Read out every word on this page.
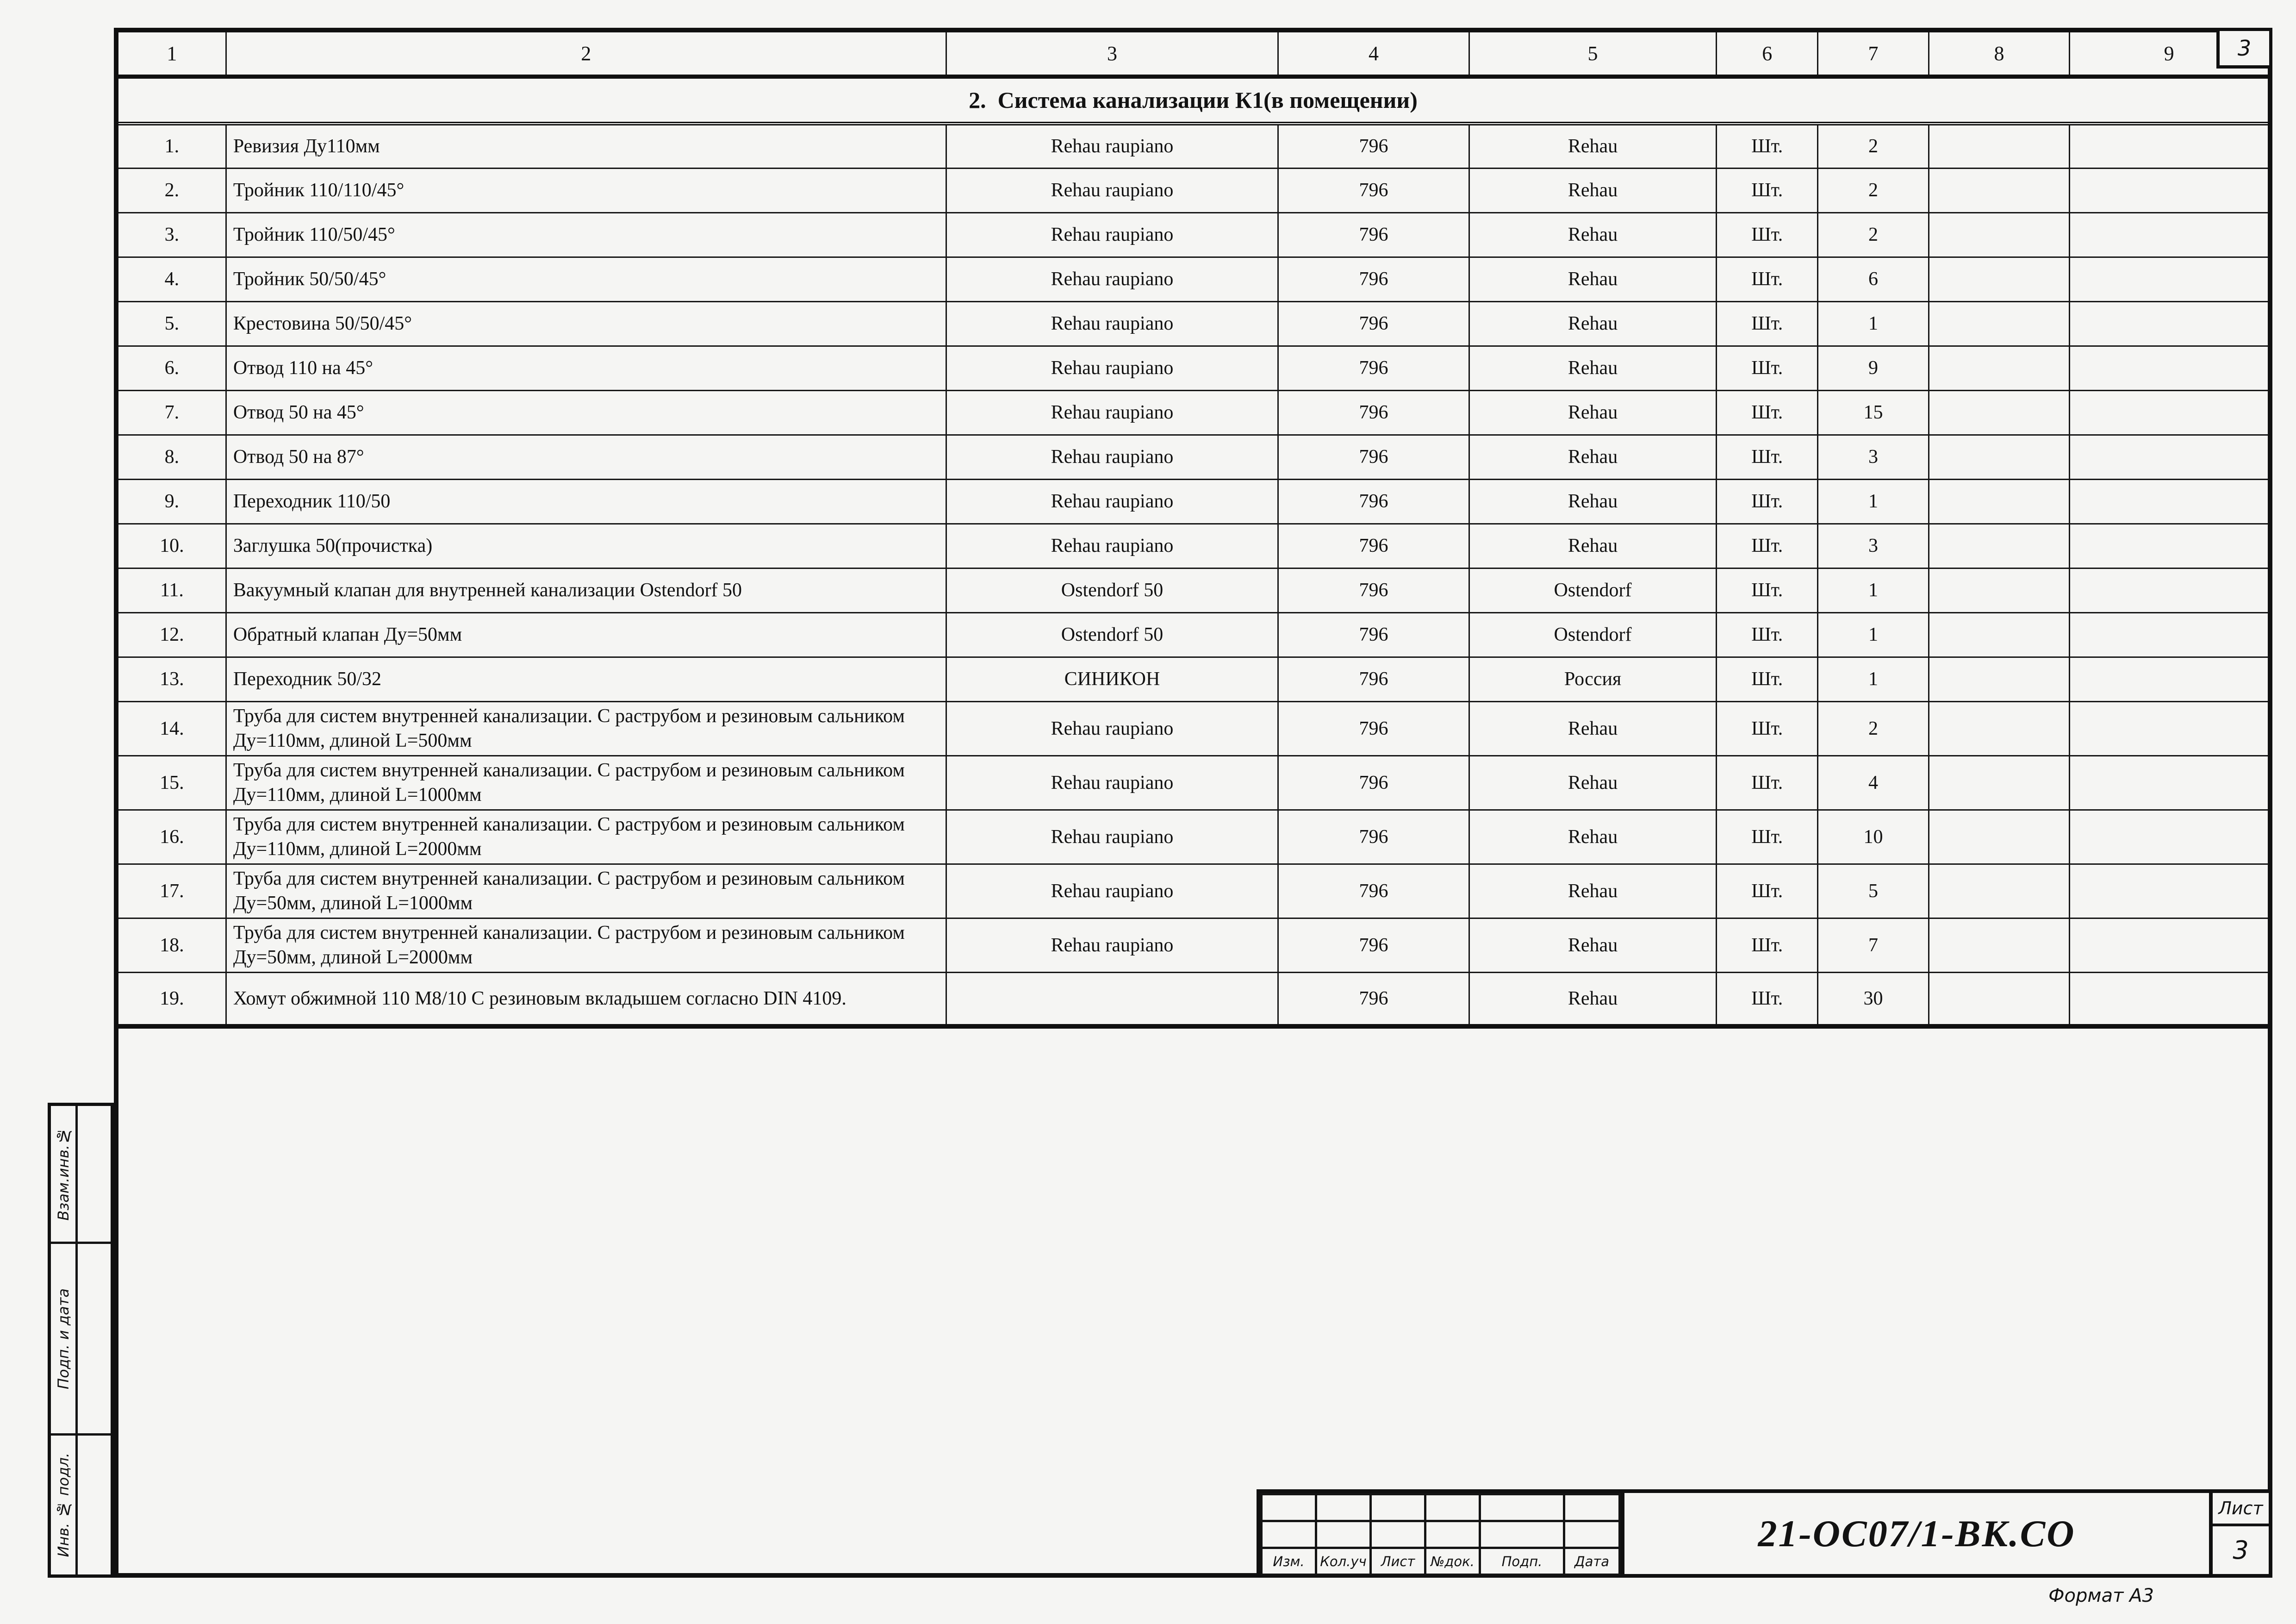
1	2	3	4	5	6	7	8	9
2.  Система канализации К1(в помещении)								
1.	Ревизия Ду110мм	Rehau raupiano	796	Rehau	Шт.	2		
2.	Тройник 110/110/45°	Rehau raupiano	796	Rehau	Шт.	2		
3.	Тройник 110/50/45°	Rehau raupiano	796	Rehau	Шт.	2		
4.	Тройник 50/50/45°	Rehau raupiano	796	Rehau	Шт.	6		
5.	Крестовина 50/50/45°	Rehau raupiano	796	Rehau	Шт.	1		
6.	Отвод 110 на 45°	Rehau raupiano	796	Rehau	Шт.	9		
7.	Отвод 50 на 45°	Rehau raupiano	796	Rehau	Шт.	15		
8.	Отвод 50 на 87°	Rehau raupiano	796	Rehau	Шт.	3		
9.	Переходник 110/50	Rehau raupiano	796	Rehau	Шт.	1		
10.	Заглушка 50(прочистка)	Rehau raupiano	796	Rehau	Шт.	3		
11.	Вакуумный клапан для внутренней канализации Ostendorf 50	Ostendorf 50	796	Ostendorf	Шт.	1		
12.	Обратный клапан Ду=50мм	Ostendorf 50	796	Ostendorf	Шт.	1		
13.	Переходник 50/32	СИНИКОН	796	Россия	Шт.	1		
14.	Труба для систем внутренней канализации. С раструбом и резиновым сальником Ду=110мм, длиной L=500мм	Rehau raupiano	796	Rehau	Шт.	2		
15.	Труба для систем внутренней канализации. С раструбом и резиновым сальником Ду=110мм, длиной L=1000мм	Rehau raupiano	796	Rehau	Шт.	4		
16.	Труба для систем внутренней канализации. С раструбом и резиновым сальником Ду=110мм, длиной L=2000мм	Rehau raupiano	796	Rehau	Шт.	10		
17.	Труба для систем внутренней канализации. С раструбом и резиновым сальником Ду=50мм, длиной L=1000мм	Rehau raupiano	796	Rehau	Шт.	5		
18.	Труба для систем внутренней канализации. С раструбом и резиновым сальником Ду=50мм, длиной L=2000мм	Rehau raupiano	796	Rehau	Шт.	7		
19.	Хомут обжимной 110 М8/10 С резиновым вкладышем согласно DIN 4109.		796	Rehau	Шт.	30		
3
Взам.инв.№
Подп. и дата
Инв. № подл.

Изм.	Кол.уч	Лист	№док.	Подп.	Дата
21-ОС07/1-ВК.СО
Лист
3
Формат А3
